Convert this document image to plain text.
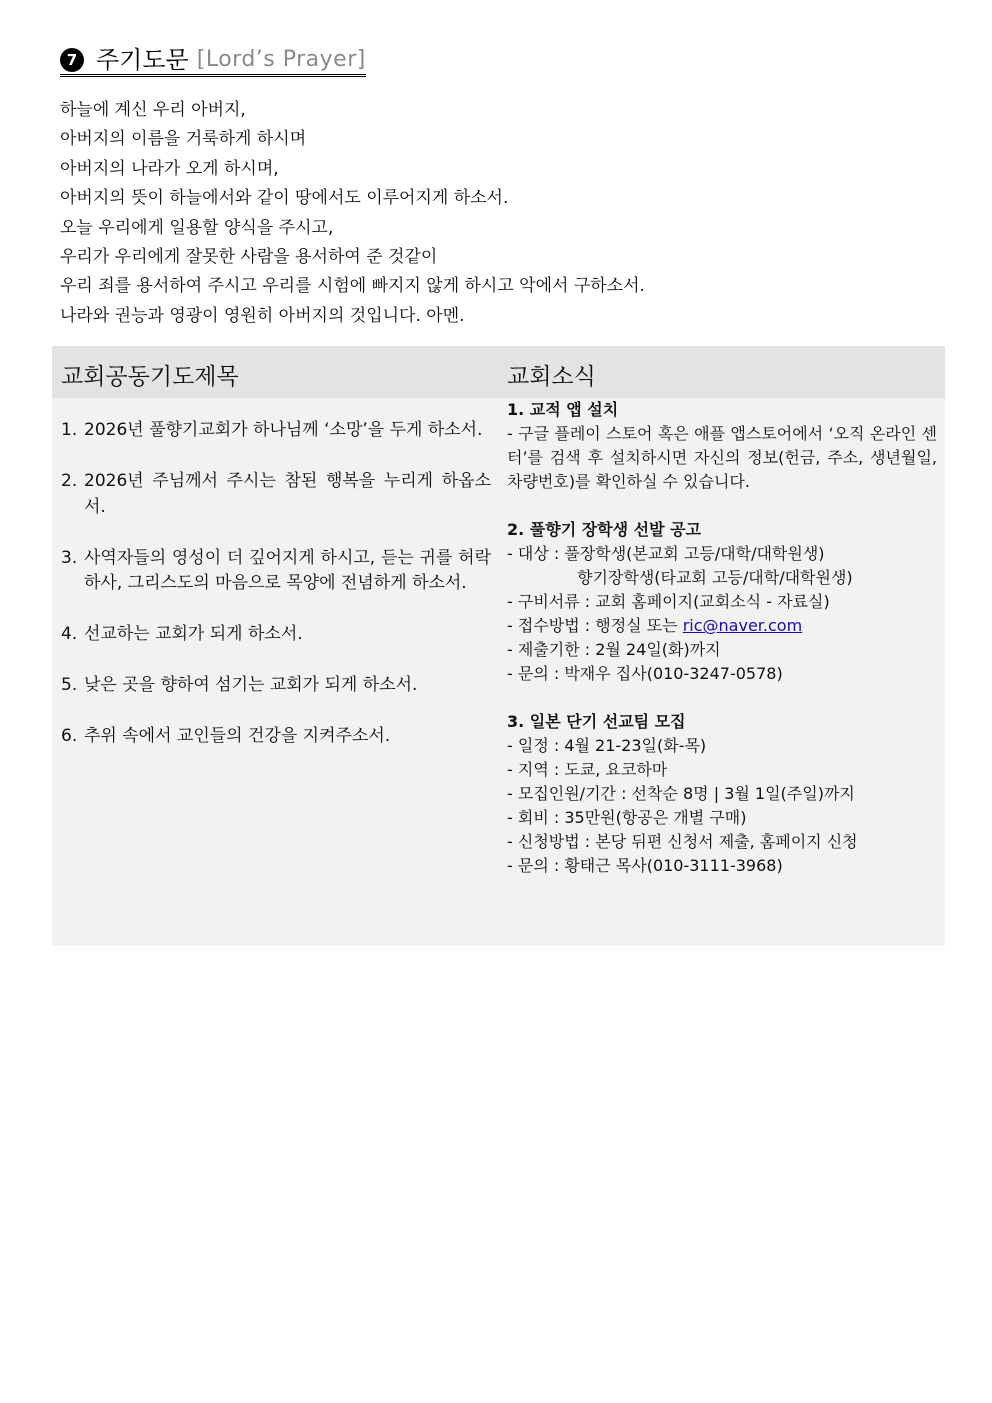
7 주기도문 [Lord’s Prayer]
하늘에 계신 우리 아버지,
아버지의 이름을 거룩하게 하시며
아버지의 나라가 오게 하시며,
아버지의 뜻이 하늘에서와 같이 땅에서도 이루어지게 하소서.
오늘 우리에게 일용할 양식을 주시고,
우리가 우리에게 잘못한 사람을 용서하여 준 것같이
우리 죄를 용서하여 주시고 우리를 시험에 빠지지 않게 하시고 악에서 구하소서.
나라와 권능과 영광이 영원히 아버지의 것입니다. 아멘.
교회공동기도제목	교회소식
1. 2026년 풀향기교회가 하나님께 ‘소망’을 두게 하소서.
2. 2026년 주님께서 주시는 참된 행복을 누리게 하옵소서.
3. 사역자들의 영성이 더 깊어지게 하시고, 듣는 귀를 허락하사, 그리스도의 마음으로 목양에 전념하게 하소서.
4. 선교하는 교회가 되게 하소서.
5. 낮은 곳을 향하여 섬기는 교회가 되게 하소서.
6. 추위 속에서 교인들의 건강을 지켜주소서.
1. 교적 앱 설치
- 구글 플레이 스토어 혹은 애플 앱스토어에서 ‘오직 온라인 센터’를 검색 후 설치하시면 자신의 정보(헌금, 주소, 생년월일, 차량번호)를 확인하실 수 있습니다.
2. 풀향기 장학생 선발 공고
- 대상 : 풀장학생(본교회 고등/대학/대학원생)
향기장학생(타교회 고등/대학/대학원생)
- 구비서류 : 교회 홈페이지(교회소식 - 자료실)
- 접수방법 : 행정실 또는 ric@naver.com
- 제출기한 : 2월 24일(화)까지
- 문의 : 박재우 집사(010-3247-0578)
3. 일본 단기 선교팀 모집
- 일정 : 4월 21-23일(화-목)
- 지역 : 도쿄, 요코하마
- 모집인원/기간 : 선착순 8명 | 3월 1일(주일)까지
- 회비 : 35만원(항공은 개별 구매)
- 신청방법 : 본당 뒤편 신청서 제출, 홈페이지 신청
- 문의 : 황태근 목사(010-3111-3968)
